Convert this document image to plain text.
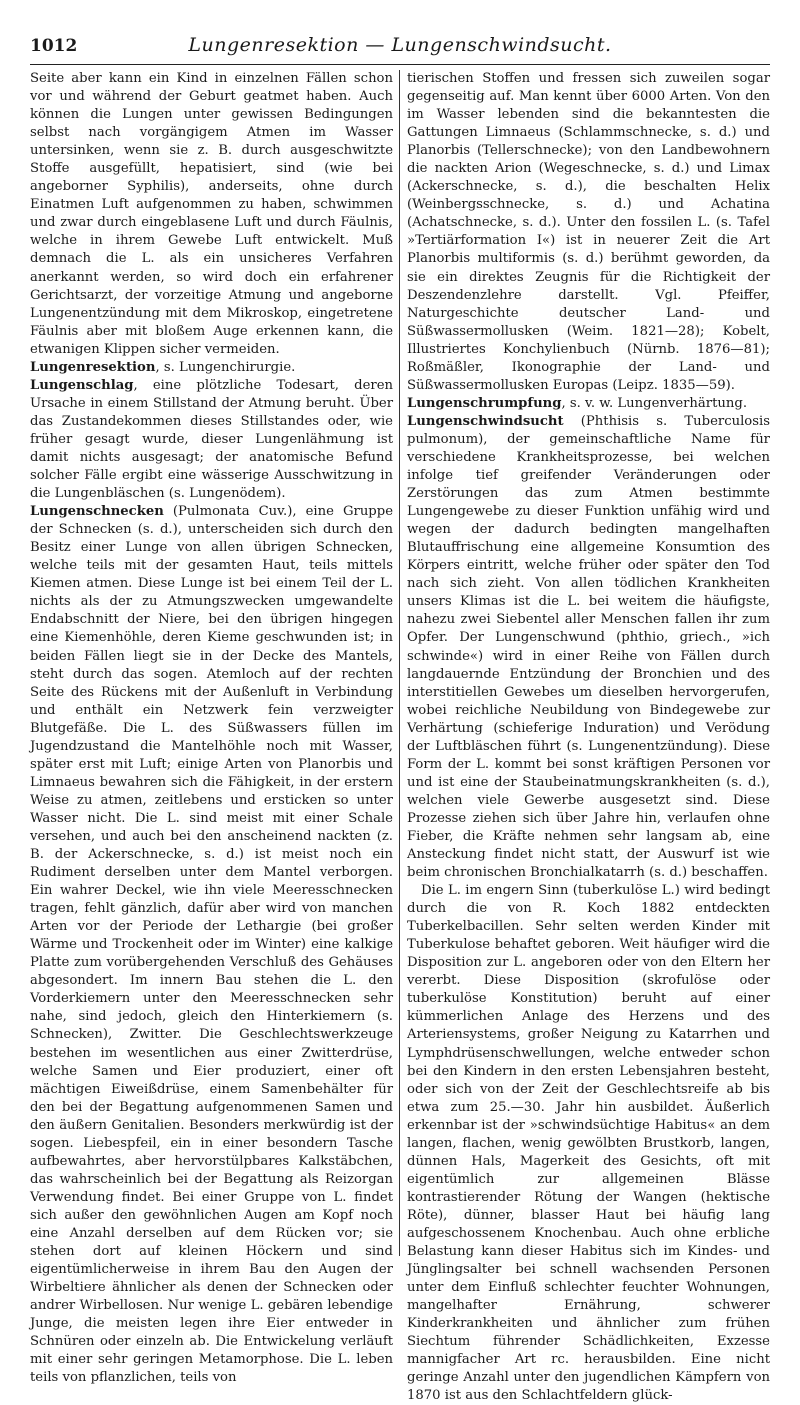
1012	Lungenresektion — Lungenschwindsucht.

Seite aber kann ein Kind in einzelnen Fällen schon vor und während der Geburt geatmet haben. Auch können die Lungen unter gewissen Bedingungen selbst nach vorgängigem Atmen im Wasser untersinken, wenn sie z. B. durch ausgeschwitzte Stoffe ausgefüllt, hepatisiert, sind (wie bei angeborner Syphilis), anderseits, ohne durch Einatmen Luft aufgenommen zu haben, schwimmen und zwar durch eingeblasene Luft und durch Fäulnis, welche in ihrem Gewebe Luft entwickelt. Muß demnach die L. als ein unsicheres Verfahren anerkannt werden, so wird doch ein erfahrener Gerichtsarzt, der vorzeitige Atmung und angeborne Lungenentzündung mit dem Mikroskop, eingetretene Fäulnis aber mit bloßem Auge erkennen kann, die etwanigen Klippen sicher vermeiden.

Lungenresektion, s. Lungenchirurgie.

Lungenschlag, eine plötzliche Todesart, deren Ursache in einem Stillstand der Atmung beruht. Über das Zustandekommen dieses Stillstandes oder, wie früher gesagt wurde, dieser Lungenlähmung ist damit nichts ausgesagt; der anatomische Befund solcher Fälle ergibt eine wässerige Ausschwitzung in die Lungenbläschen (s. Lungenödem).

Lungenschnecken (Pulmonata Cuv.), eine Gruppe der Schnecken (s. d.), unterscheiden sich durch den Besitz einer Lunge von allen übrigen Schnecken, welche teils mit der gesamten Haut, teils mittels Kiemen atmen. Diese Lunge ist bei einem Teil der L. nichts als der zu Atmungszwecken umgewandelte Endabschnitt der Niere, bei den übrigen hingegen eine Kiemenhöhle, deren Kieme geschwunden ist; in beiden Fällen liegt sie in der Decke des Mantels, steht durch das sogen. Atemloch auf der rechten Seite des Rückens mit der Außenluft in Verbindung und enthält ein Netzwerk fein verzweigter Blutgefäße. Die L. des Süßwassers füllen im Jugendzustand die Mantelhöhle noch mit Wasser, später erst mit Luft; einige Arten von Planorbis und Limnaeus bewahren sich die Fähigkeit, in der erstern Weise zu atmen, zeitlebens und ersticken so unter Wasser nicht. Die L. sind meist mit einer Schale versehen, und auch bei den anscheinend nackten (z. B. der Ackerschnecke, s. d.) ist meist noch ein Rudiment derselben unter dem Mantel verborgen. Ein wahrer Deckel, wie ihn viele Meeresschnecken tragen, fehlt gänzlich, dafür aber wird von manchen Arten vor der Periode der Lethargie (bei großer Wärme und Trockenheit oder im Winter) eine kalkige Platte zum vorübergehenden Verschluß des Gehäuses abgesondert. Im innern Bau stehen die L. den Vorderkiemern unter den Meeresschnecken sehr nahe, sind jedoch, gleich den Hinterkiemern (s. Schnecken), Zwitter. Die Geschlechtswerkzeuge bestehen im wesentlichen aus einer Zwitterdrüse, welche Samen und Eier produziert, einer oft mächtigen Eiweißdrüse, einem Samenbehälter für den bei der Begattung aufgenommenen Samen und den äußern Genitalien. Besonders merkwürdig ist der sogen. Liebespfeil, ein in einer besondern Tasche aufbewahrtes, aber hervorstülpbares Kalkstäbchen, das wahrscheinlich bei der Begattung als Reizorgan Verwendung findet. Bei einer Gruppe von L. findet sich außer den gewöhnlichen Augen am Kopf noch eine Anzahl derselben auf dem Rücken vor; sie stehen dort auf kleinen Höckern und sind eigentümlicherweise in ihrem Bau den Augen der Wirbeltiere ähnlicher als denen der Schnecken oder andrer Wirbellosen. Nur wenige L. gebären lebendige Junge, die meisten legen ihre Eier entweder in Schnüren oder einzeln ab. Die Entwickelung verläuft mit einer sehr geringen Metamorphose. Die L. leben teils von pflanzlichen, teils von

tierischen Stoffen und fressen sich zuweilen sogar gegenseitig auf. Man kennt über 6000 Arten. Von den im Wasser lebenden sind die bekanntesten die Gattungen Limnaeus (Schlammschnecke, s. d.) und Planorbis (Tellerschnecke); von den Landbewohnern die nackten Arion (Wegeschnecke, s. d.) und Limax (Ackerschnecke, s. d.), die beschalten Helix (Weinbergsschnecke, s. d.) und Achatina (Achatschnecke, s. d.). Unter den fossilen L. (s. Tafel »Tertiärformation I«) ist in neuerer Zeit die Art Planorbis multiformis (s. d.) berühmt geworden, da sie ein direktes Zeugnis für die Richtigkeit der Deszendenzlehre darstellt. Vgl. Pfeiffer, Naturgeschichte deutscher Land- und Süßwassermollusken (Weim. 1821—28); Kobelt, Illustriertes Konchylienbuch (Nürnb. 1876—81); Roßmäßler, Ikonographie der Land- und Süßwassermollusken Europas (Leipz. 1835—59).

Lungenschrumpfung, s. v. w. Lungenverhärtung.

Lungenschwindsucht (Phthisis s. Tuberculosis pulmonum), der gemeinschaftliche Name für verschiedene Krankheitsprozesse, bei welchen infolge tief greifender Veränderungen oder Zerstörungen das zum Atmen bestimmte Lungengewebe zu dieser Funktion unfähig wird und wegen der dadurch bedingten mangelhaften Blutauffrischung eine allgemeine Konsumtion des Körpers eintritt, welche früher oder später den Tod nach sich zieht. Von allen tödlichen Krankheiten unsers Klimas ist die L. bei weitem die häufigste, nahezu zwei Siebentel aller Menschen fallen ihr zum Opfer. Der Lungenschwund (phthio, griech., »ich schwinde«) wird in einer Reihe von Fällen durch langdauernde Entzündung der Bronchien und des interstitiellen Gewebes um dieselben hervorgerufen, wobei reichliche Neubildung von Bindegewebe zur Verhärtung (schieferige Induration) und Verödung der Luftbläschen führt (s. Lungenentzündung). Diese Form der L. kommt bei sonst kräftigen Personen vor und ist eine der Staubeinatmungskrankheiten (s. d.), welchen viele Gewerbe ausgesetzt sind. Diese Prozesse ziehen sich über Jahre hin, verlaufen ohne Fieber, die Kräfte nehmen sehr langsam ab, eine Ansteckung findet nicht statt, der Auswurf ist wie beim chronischen Bronchialkatarrh (s. d.) beschaffen.

Die L. im engern Sinn (tuberkulöse L.) wird bedingt durch die von R. Koch 1882 entdeckten Tuberkelbacillen. Sehr selten werden Kinder mit Tuberkulose behaftet geboren. Weit häufiger wird die Disposition zur L. angeboren oder von den Eltern her vererbt. Diese Disposition (skrofulöse oder tuberkulöse Konstitution) beruht auf einer kümmerlichen Anlage des Herzens und des Arteriensystems, großer Neigung zu Katarrhen und Lymphdrüsenschwellungen, welche entweder schon bei den Kindern in den ersten Lebensjahren besteht, oder sich von der Zeit der Geschlechtsreife ab bis etwa zum 25.—30. Jahr hin ausbildet. Äußerlich erkennbar ist der »schwindsüchtige Habitus« an dem langen, flachen, wenig gewölbten Brustkorb, langen, dünnen Hals, Magerkeit des Gesichts, oft mit eigentümlich zur allgemeinen Blässe kontrastierender Rötung der Wangen (hektische Röte), dünner, blasser Haut bei häufig lang aufgeschossenem Knochenbau. Auch ohne erbliche Belastung kann dieser Habitus sich im Kindes- und Jünglingsalter bei schnell wachsenden Personen unter dem Einfluß schlechter feuchter Wohnungen, mangelhafter Ernährung, schwerer Kinderkrankheiten und ähnlicher zum frühen Siechtum führender Schädlichkeiten, Exzesse mannigfacher Art rc. herausbilden. Eine nicht geringe Anzahl unter den jugendlichen Kämpfern von 1870 ist aus den Schlachtfeldern glück-
